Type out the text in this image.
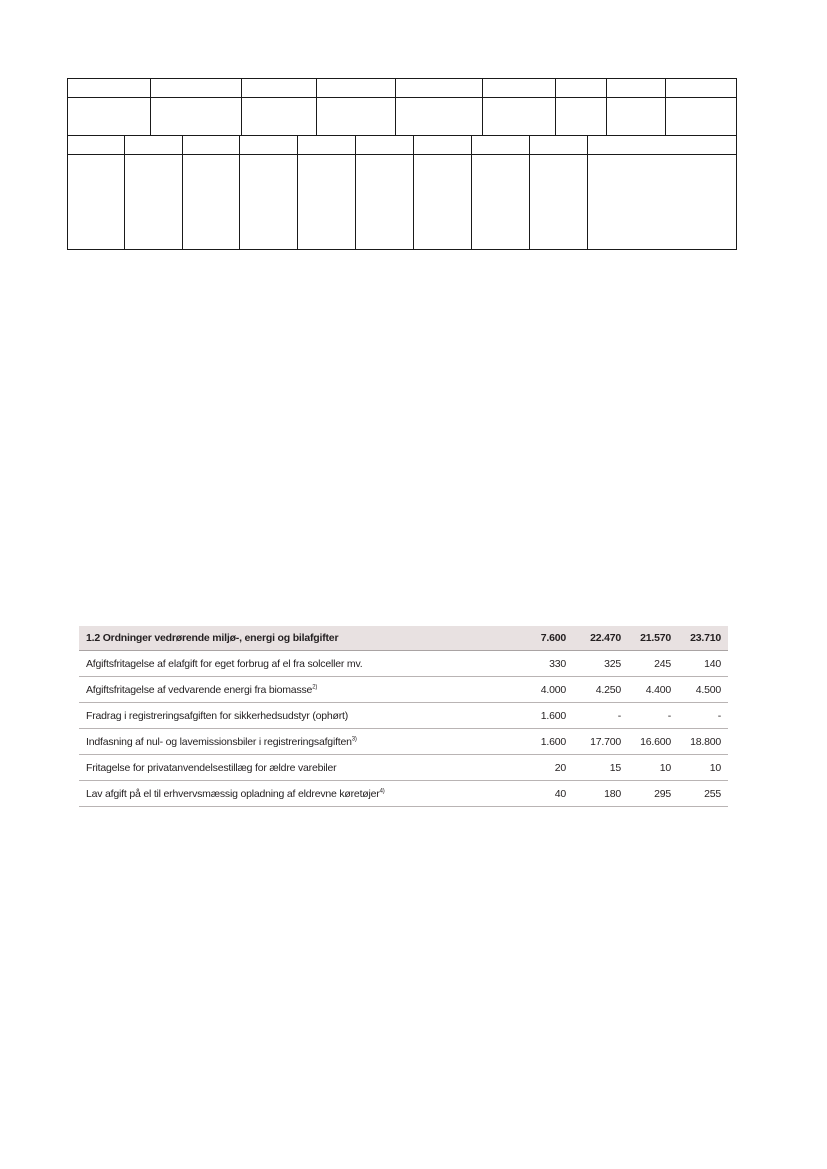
1.2 Ordninger vedrørende miljø-, energi og bilafgifter	7.600	22.470	21.570	23.710
Afgiftsfritagelse af elafgift for eget forbrug af el fra solceller mv.	330	325	245	140
Afgiftsfritagelse af vedvarende energi fra biomasse$^{2)}$	4.000	4.250	4.400	4.500
Fradrag i registreringsafgiften for sikkerhedsudstyr (ophørt)	1.600	-	-	-
Indfasning af nul- og lavemissionsbiler i registreringsafgiften$^{3)}$	1.600	17.700	16.600	18.800
Fritagelse for privatanvendelsestillæg for ældre varebiler	20	15	10	10
Lav afgift på el til erhvervsmæssig opladning af eldrevne køretøjer$^{4)}$	40	180	295	255
